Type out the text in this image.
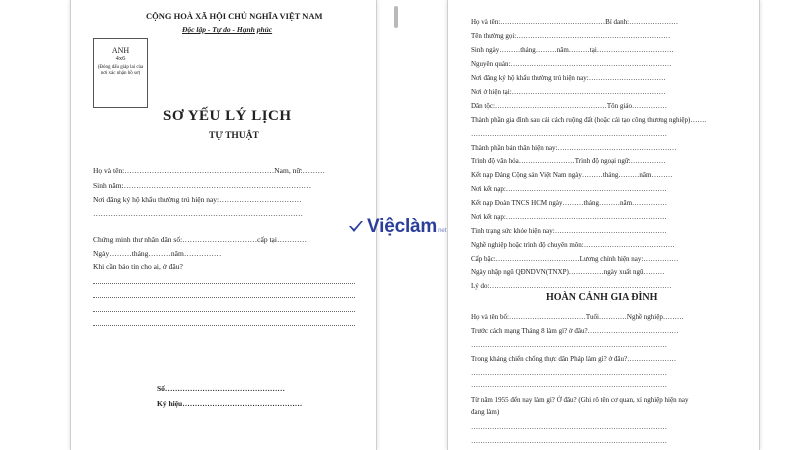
CỘNG HOÀ XÃ HỘI CHỦ NGHĨA VIỆT NAM
Độc lập - Tự do - Hạnh phúc
ANH
4x6
(Đóng dấu giáp lai của nơi xác nhận hồ sơ)
SƠ YẾU LÝ LỊCH
TỰ THUẬT
Họ và tên:……………………………………………………Nam, nữ:………
Sinh năm:…………………………………………………………………
Nơi đăng ký hộ khẩu thường trú hiện nay:……………………………
…………………………………………………………………………
Chứng minh thư nhân dân số:…………………………cấp tại…………
Ngày………tháng………năm……………
Khi cần báo tin cho ai, ở đâu?
Số…………………………………………
Ký hiệu…………………………………………
Họ và tên:………………………………………Bí danh:…………………
Tên thường gọi:…………………………………………………………
Sinh ngày………tháng………năm………tại……………………………
Nguyên quán:……………………………………………………………
Nơi đăng ký hộ khẩu thường trú hiện nay:……………………………
Nơi ở hiện tại:…………………………………………………………
Dân tộc:…………………………………………Tôn giáo……………
Thành phần gia đình sau cải cách ruộng đất (hoặc cải tạo công thương nghiệp)…….
…………………………………………………………………………
Thành phần bản thân hiện nay:……………………………………………
Trình độ văn hóa……………………Trình độ ngoại ngữ:……………
Kết nạp Đảng Cộng sản Việt Nam ngày………tháng………năm………
Nơi kết nạp:……………………………………………………………
Kết nạp Đoàn TNCS HCM ngày………tháng………năm……………
Nơi kết nạp:……………………………………………………………
Tình trạng sức khỏe hiện nay:…………………………………………
Nghề nghiệp hoặc trình độ chuyên môn:…………………………………
Cấp bậc:………………………………Lương chính hiện nay:……………
Ngày nhập ngũ QĐNDVN(TNXP)……………ngày xuất ngũ………
Lý do:……………………………………………………………………
HOÀN CẢNH GIA ĐÌNH
Họ và tên bố:……………………………Tuổi…………Nghề nghiệp………
Trước cách mạng Tháng 8 làm gì? ở đâu?…………………………………
…………………………………………………………………………
Trong kháng chiến chống thực dân Pháp làm gì? ở đâu?…………………
…………………………………………………………………………
…………………………………………………………………………
Từ năm 1955 đến nay làm gì? Ở đâu? (Ghi rõ tên cơ quan, xí nghiệp hiện nay
đang làm)
…………………………………………………………………………
…………………………………………………………………………
Việclàm net
